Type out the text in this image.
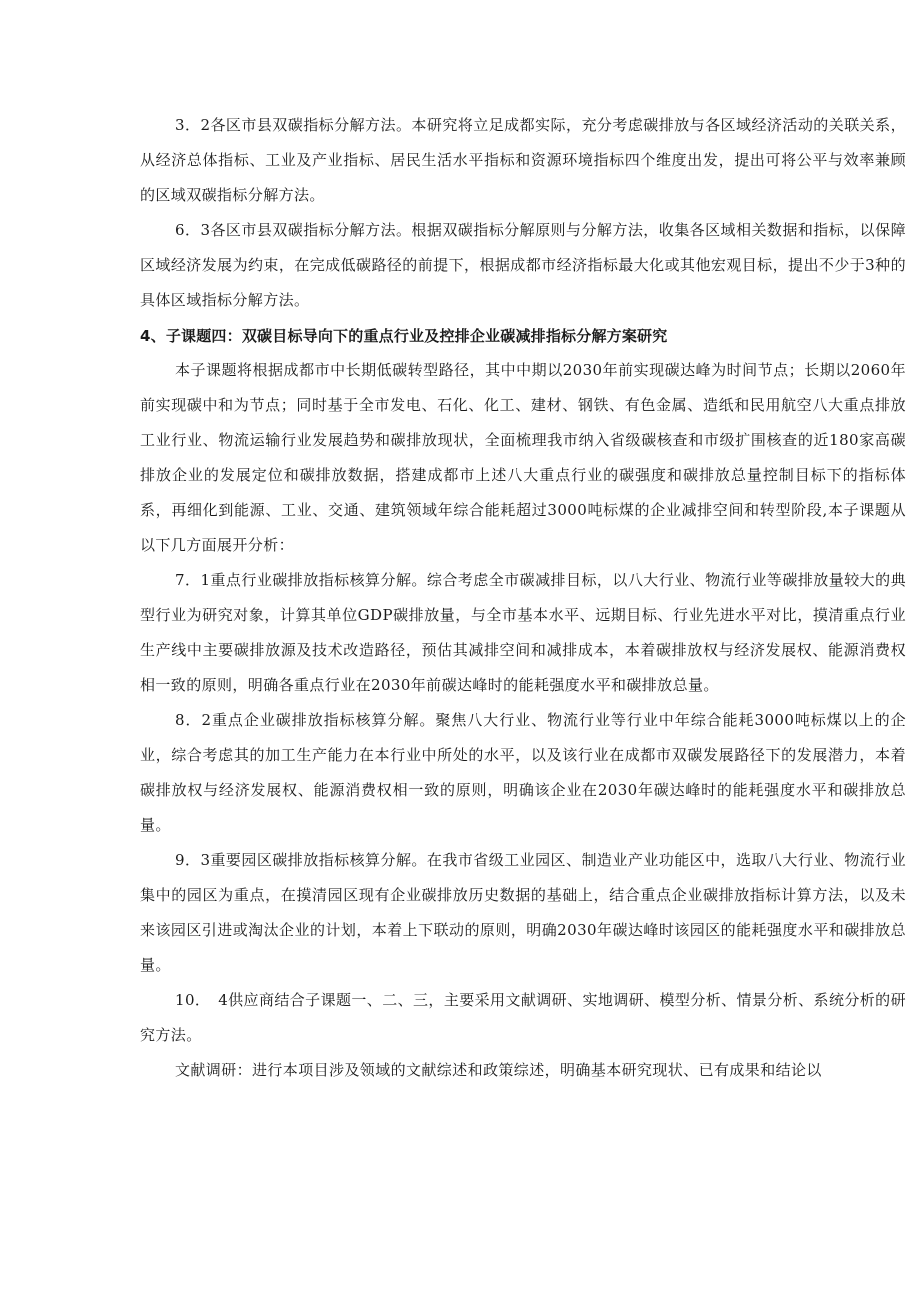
3．2各区市县双碳指标分解方法。本研究将立足成都实际，充分考虑碳排放与各区域经济活动的关联关系，从经济总体指标、工业及产业指标、居民生活水平指标和资源环境指标四个维度出发，提出可将公平与效率兼顾的区域双碳指标分解方法。

6．3各区市县双碳指标分解方法。根据双碳指标分解原则与分解方法，收集各区域相关数据和指标，以保障区域经济发展为约束，在完成低碳路径的前提下，根据成都市经济指标最大化或其他宏观目标，提出不少于3种的具体区域指标分解方法。

4、子课题四：双碳目标导向下的重点行业及控排企业碳减排指标分解方案研究

本子课题将根据成都市中长期低碳转型路径，其中中期以2030年前实现碳达峰为时间节点；长期以2060年前实现碳中和为节点；同时基于全市发电、石化、化工、建材、钢铁、有色金属、造纸和民用航空八大重点排放工业行业、物流运输行业发展趋势和碳排放现状，全面梳理我市纳入省级碳核查和市级扩围核查的近180家高碳排放企业的发展定位和碳排放数据，搭建成都市上述八大重点行业的碳强度和碳排放总量控制目标下的指标体系，再细化到能源、工业、交通、建筑领域年综合能耗超过3000吨标煤的企业减排空间和转型阶段,本子课题从以下几方面展开分析：

7．1重点行业碳排放指标核算分解。综合考虑全市碳减排目标，以八大行业、物流行业等碳排放量较大的典型行业为研究对象，计算其单位GDP碳排放量，与全市基本水平、远期目标、行业先进水平对比，摸清重点行业生产线中主要碳排放源及技术改造路径，预估其减排空间和减排成本，本着碳排放权与经济发展权、能源消费权相一致的原则，明确各重点行业在2030年前碳达峰时的能耗强度水平和碳排放总量。

8．2重点企业碳排放指标核算分解。聚焦八大行业、物流行业等行业中年综合能耗3000吨标煤以上的企业，综合考虑其的加工生产能力在本行业中所处的水平，以及该行业在成都市双碳发展路径下的发展潜力，本着碳排放权与经济发展权、能源消费权相一致的原则，明确该企业在2030年碳达峰时的能耗强度水平和碳排放总量。

9．3重要园区碳排放指标核算分解。在我市省级工业园区、制造业产业功能区中，选取八大行业、物流行业集中的园区为重点，在摸清园区现有企业碳排放历史数据的基础上，结合重点企业碳排放指标计算方法，以及未来该园区引进或淘汰企业的计划，本着上下联动的原则，明确2030年碳达峰时该园区的能耗强度水平和碳排放总量。

10．　4供应商结合子课题一、二、三，主要采用文献调研、实地调研、模型分析、情景分析、系统分析的研究方法。

文献调研：进行本项目涉及领域的文献综述和政策综述，明确基本研究现状、已有成果和结论以
